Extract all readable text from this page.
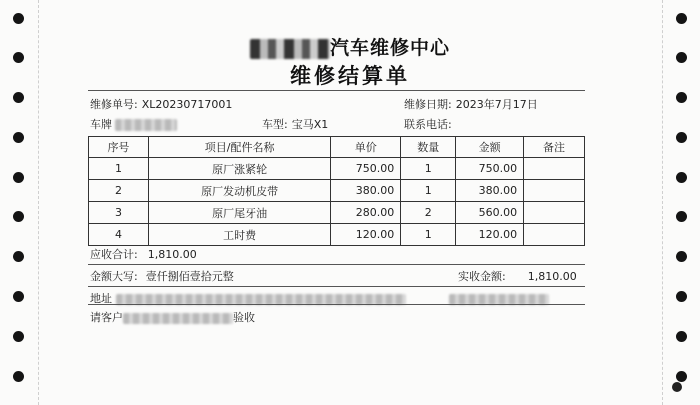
汽车维修中心
维修结算单
维修单号: XL20230717001	维修日期: 2023年7月17日
车牌	车型: 宝马X1	联系电话:
序号	项目/配件名称	单价	数量	金额	备注
1	原厂涨紧轮	750.00	1	750.00	
2	原厂发动机皮带	380.00	1	380.00	
3	原厂尾牙油	280.00	2	560.00	
4	工时费	120.00	1	120.00	
应收合计: 1,810.00
金额大写: 壹仟捌佰壹拾元整	实收金额: 1,810.00
地址
请客户	验收
